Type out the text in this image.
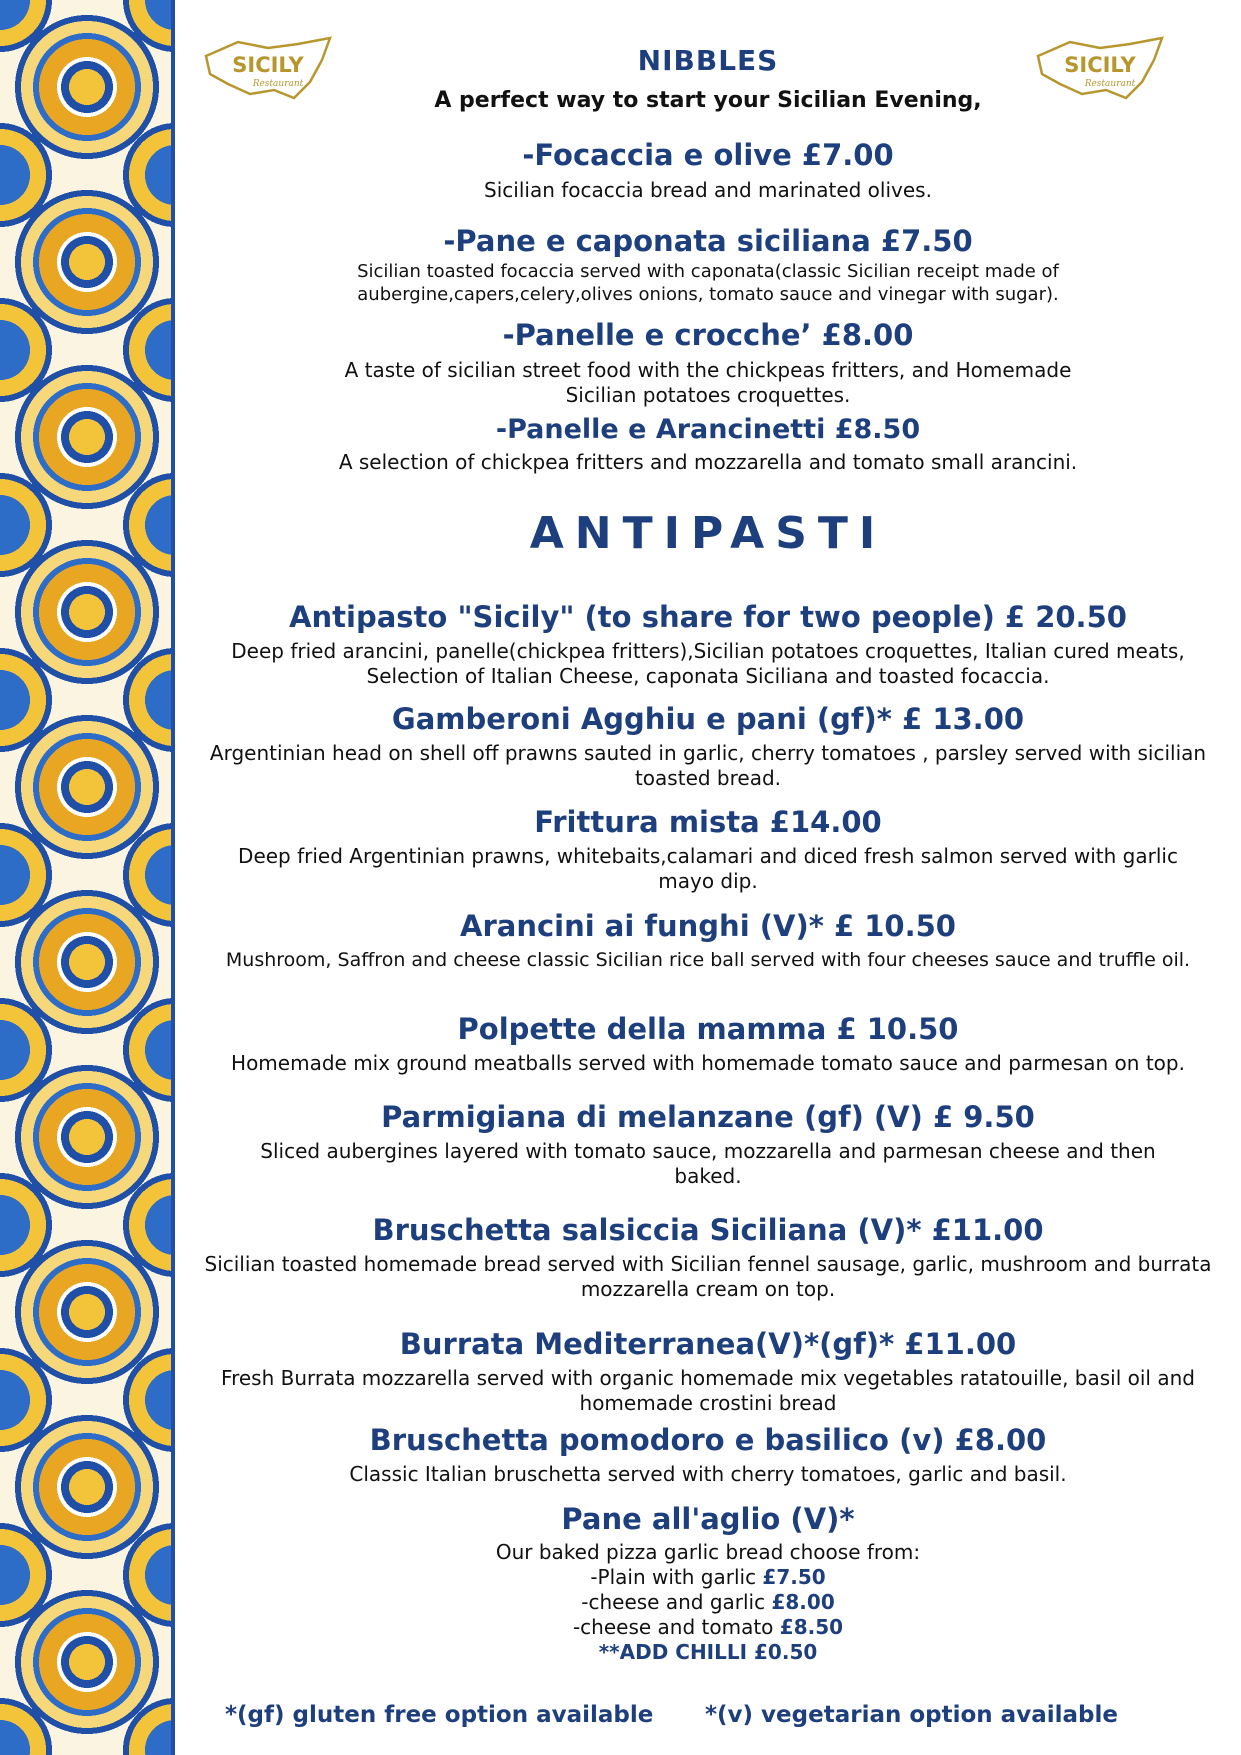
SICILY
Restaurant
SICILY
Restaurant
NIBBLES
A perfect way to start your Sicilian Evening,
-Focaccia e olive £7.00
Sicilian focaccia bread and marinated olives.
-Pane e caponata siciliana £7.50
Sicilian toasted focaccia served with caponata(classic Sicilian receipt made of
aubergine,capers,celery,olives onions, tomato sauce and vinegar with sugar).
-Panelle e crocche’ £8.00
A taste of sicilian street food with the chickpeas fritters, and Homemade
Sicilian potatoes croquettes.
-Panelle e Arancinetti £8.50
A selection of chickpea fritters and mozzarella and tomato small arancini.
ANTIPASTI
Antipasto "Sicily" (to share for two people) £ 20.50
Deep fried arancini, panelle(chickpea fritters),Sicilian potatoes croquettes, Italian cured meats,
Selection of Italian Cheese, caponata Siciliana and toasted focaccia.
Gamberoni Agghiu e pani (gf)* £ 13.00
Argentinian head on shell off prawns sauted in garlic, cherry tomatoes , parsley served with sicilian
toasted bread.
Frittura mista £14.00
Deep fried Argentinian prawns, whitebaits,calamari and diced fresh salmon served with garlic
mayo dip.
Arancini ai funghi (V)* £ 10.50
Mushroom, Saffron and cheese classic Sicilian rice ball served with four cheeses sauce and truffle oil.
Polpette della mamma £ 10.50
Homemade mix ground meatballs served with homemade tomato sauce and parmesan on top.
Parmigiana di melanzane (gf) (V) £ 9.50
Sliced aubergines layered with tomato sauce, mozzarella and parmesan cheese and then
baked.
Bruschetta salsiccia Siciliana (V)* £11.00
Sicilian toasted homemade bread served with Sicilian fennel sausage, garlic, mushroom and burrata
mozzarella cream on top.
Burrata Mediterranea(V)*(gf)* £11.00
Fresh Burrata mozzarella served with organic homemade mix vegetables ratatouille, basil oil and
homemade crostini bread
Bruschetta pomodoro e basilico (v) £8.00
Classic Italian bruschetta served with cherry tomatoes, garlic and basil.
Pane all'aglio (V)*
Our baked pizza garlic bread choose from:
-Plain with garlic £7.50
-cheese and garlic £8.00
-cheese and tomato £8.50
**ADD CHILLI £0.50
*(gf) gluten free option available *(v) vegetarian option available
